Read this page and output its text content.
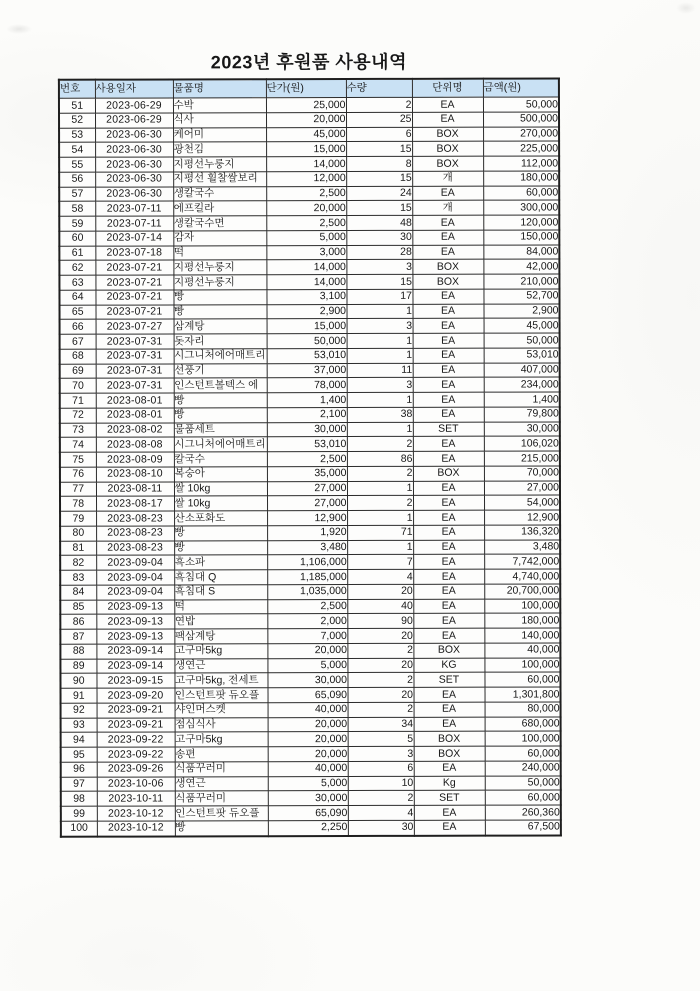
2023년 후원품 사용내역
번호	사용일자	물품명	단가(원)	수량	단위명	금액(원)
51	2023-06-29	수박	25,000	2	EA	50,000
52	2023-06-29	식사	20,000	25	EA	500,000
53	2023-06-30	케어미	45,000	6	BOX	270,000
54	2023-06-30	광천김	15,000	15	BOX	225,000
55	2023-06-30	지평선누룽지	14,000	8	BOX	112,000
56	2023-06-30	지평선 횔찰쌀보리	12,000	15	개	180,000
57	2023-06-30	생칼국수	2,500	24	EA	60,000
58	2023-07-11	에프킬라	20,000	15	개	300,000
59	2023-07-11	생칼국수면	2,500	48	EA	120,000
60	2023-07-14	감자	5,000	30	EA	150,000
61	2023-07-18	떡	3,000	28	EA	84,000
62	2023-07-21	지평선누룽지	14,000	3	BOX	42,000
63	2023-07-21	지평선누룽지	14,000	15	BOX	210,000
64	2023-07-21	빵	3,100	17	EA	52,700
65	2023-07-21	빵	2,900	1	EA	2,900
66	2023-07-27	삼계탕	15,000	3	EA	45,000
67	2023-07-31	돗자리	50,000	1	EA	50,000
68	2023-07-31	시그니처에어매트리	53,010	1	EA	53,010
69	2023-07-31	선풍기	37,000	11	EA	407,000
70	2023-07-31	인스턴트볼텍스 에	78,000	3	EA	234,000
71	2023-08-01	빵	1,400	1	EA	1,400
72	2023-08-01	빵	2,100	38	EA	79,800
73	2023-08-02	물품세트	30,000	1	SET	30,000
74	2023-08-08	시그니처에어매트리	53,010	2	EA	106,020
75	2023-08-09	칼국수	2,500	86	EA	215,000
76	2023-08-10	복숭아	35,000	2	BOX	70,000
77	2023-08-11	쌀 10kg	27,000	1	EA	27,000
78	2023-08-17	쌀 10kg	27,000	2	EA	54,000
79	2023-08-23	산소포화도	12,900	1	EA	12,900
80	2023-08-23	빵	1,920	71	EA	136,320
81	2023-08-23	빵	3,480	1	EA	3,480
82	2023-09-04	흑소파	1,106,000	7	EA	7,742,000
83	2023-09-04	흑침대 Q	1,185,000	4	EA	4,740,000
84	2023-09-04	흑침대 S	1,035,000	20	EA	20,700,000
85	2023-09-13	떡	2,500	40	EA	100,000
86	2023-09-13	연밥	2,000	90	EA	180,000
87	2023-09-13	팩삼계탕	7,000	20	EA	140,000
88	2023-09-14	고구마5kg	20,000	2	BOX	40,000
89	2023-09-14	생연근	5,000	20	KG	100,000
90	2023-09-15	고구마5kg, 전세트	30,000	2	SET	60,000
91	2023-09-20	인스턴트팟 듀오플	65,090	20	EA	1,301,800
92	2023-09-21	샤인머스켓	40,000	2	EA	80,000
93	2023-09-21	점심식사	20,000	34	EA	680,000
94	2023-09-22	고구마5kg	20,000	5	BOX	100,000
95	2023-09-22	송편	20,000	3	BOX	60,000
96	2023-09-26	식품꾸러미	40,000	6	EA	240,000
97	2023-10-06	생연근	5,000	10	Kg	50,000
98	2023-10-11	식품꾸러미	30,000	2	SET	60,000
99	2023-10-12	인스턴트팟 듀오플	65,090	4	EA	260,360
100	2023-10-12	빵	2,250	30	EA	67,500
